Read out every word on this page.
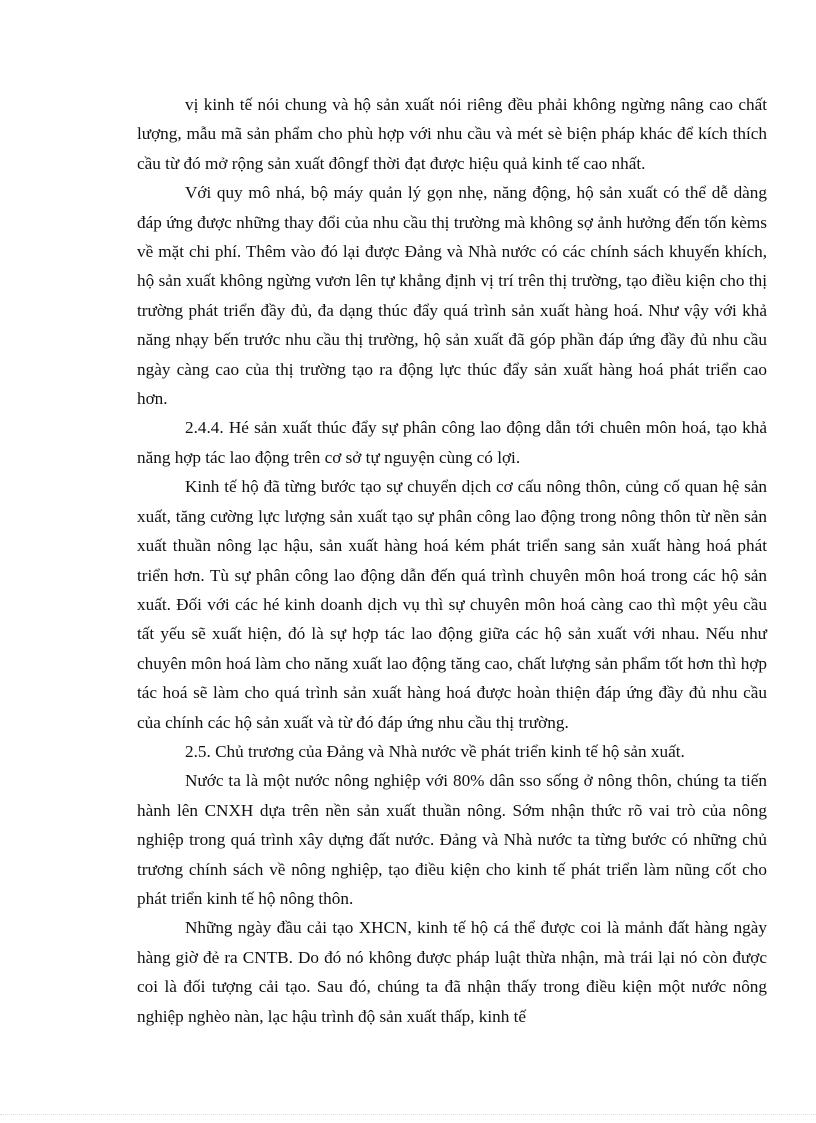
vị kinh tế nói chung và hộ sản xuất nói riêng đều phải không ngừng nâng cao chất lượng, mẫu mã sản phẩm cho phù hợp với nhu cầu và mét sè biện pháp khác để kích thích cầu từ đó mở rộng sản xuất đôngf thời đạt được hiệu quả kinh tế cao nhất.

Với quy mô nhá, bộ máy quản lý gọn nhẹ, năng động, hộ sản xuất có thể dễ dàng đáp ứng được những thay đổi của nhu cầu thị trường mà không sợ ảnh hưởng đến tốn kèms về mặt chi phí. Thêm vào đó lại được Đảng và Nhà nước có các chính sách khuyến khích, hộ sản xuất không ngừng vươn lên tự khẳng định vị trí trên thị trường, tạo điều kiện cho thị trường phát triển đầy đủ, đa dạng thúc đẩy quá trình sản xuất hàng hoá. Như vậy với khả năng nhạy bến trước nhu cầu thị trường, hộ sản xuất đã góp phần đáp ứng đầy đủ nhu cầu ngày càng cao của thị trường tạo ra động lực thúc đẩy sản xuất hàng hoá phát triển cao hơn.

2.4.4. Hé sản xuất thúc đẩy sự phân công lao động dẫn tới chuên môn hoá, tạo khả năng hợp tác lao động trên cơ sở tự nguyện cùng có lợi.

Kinh tế hộ đã từng bước tạo sự chuyển dịch cơ cấu nông thôn, củng cố quan hệ sản xuất, tăng cường lực lượng sản xuất tạo sự phân công lao động trong nông thôn từ nền sản xuất thuần nông lạc hậu, sản xuất hàng hoá kém phát triển sang sản xuất hàng hoá phát triển hơn. Tù sự phân công lao động dẫn đến quá trình chuyên môn hoá trong các hộ sản xuất. Đối với các hé kinh doanh dịch vụ thì sự chuyên môn hoá càng cao thì một yêu cầu tất yếu sẽ xuất hiện, đó là sự hợp tác lao động giữa các hộ sản xuất với nhau. Nếu như chuyên môn hoá làm cho năng xuất lao động tăng cao, chất lượng sản phẩm tốt hơn thì hợp tác hoá sẽ làm cho quá trình sản xuất hàng hoá được hoàn thiện đáp ứng đầy đủ nhu cầu của chính các hộ sản xuất và từ đó đáp ứng nhu cầu thị trường.

2.5. Chủ trương của Đảng và Nhà nước về phát triển kinh tế hộ sản xuất.

Nước ta là một nước nông nghiệp với 80% dân sso sống ở nông thôn, chúng ta tiến hành lên CNXH dựa trên nền sản xuất thuần nông. Sớm nhận thức rõ vai trò của nông nghiệp trong quá trình xây dựng đất nước. Đảng và Nhà nước ta từng bước có những chủ trương chính sách về nông nghiệp, tạo điều kiện cho kinh tế phát triển làm nũng cốt cho phát triển kinh tế hộ nông thôn.

Những ngày đầu cải tạo XHCN, kinh tế hộ cá thể được coi là mảnh đất hàng ngày hàng giờ đẻ ra CNTB. Do đó nó không được pháp luật thừa nhận, mà trái lại nó còn được coi là đối tượng cải tạo. Sau đó, chúng ta đã nhận thấy trong điều kiện một nước nông nghiệp nghèo nàn, lạc hậu trình độ sản xuất thấp, kinh tế
